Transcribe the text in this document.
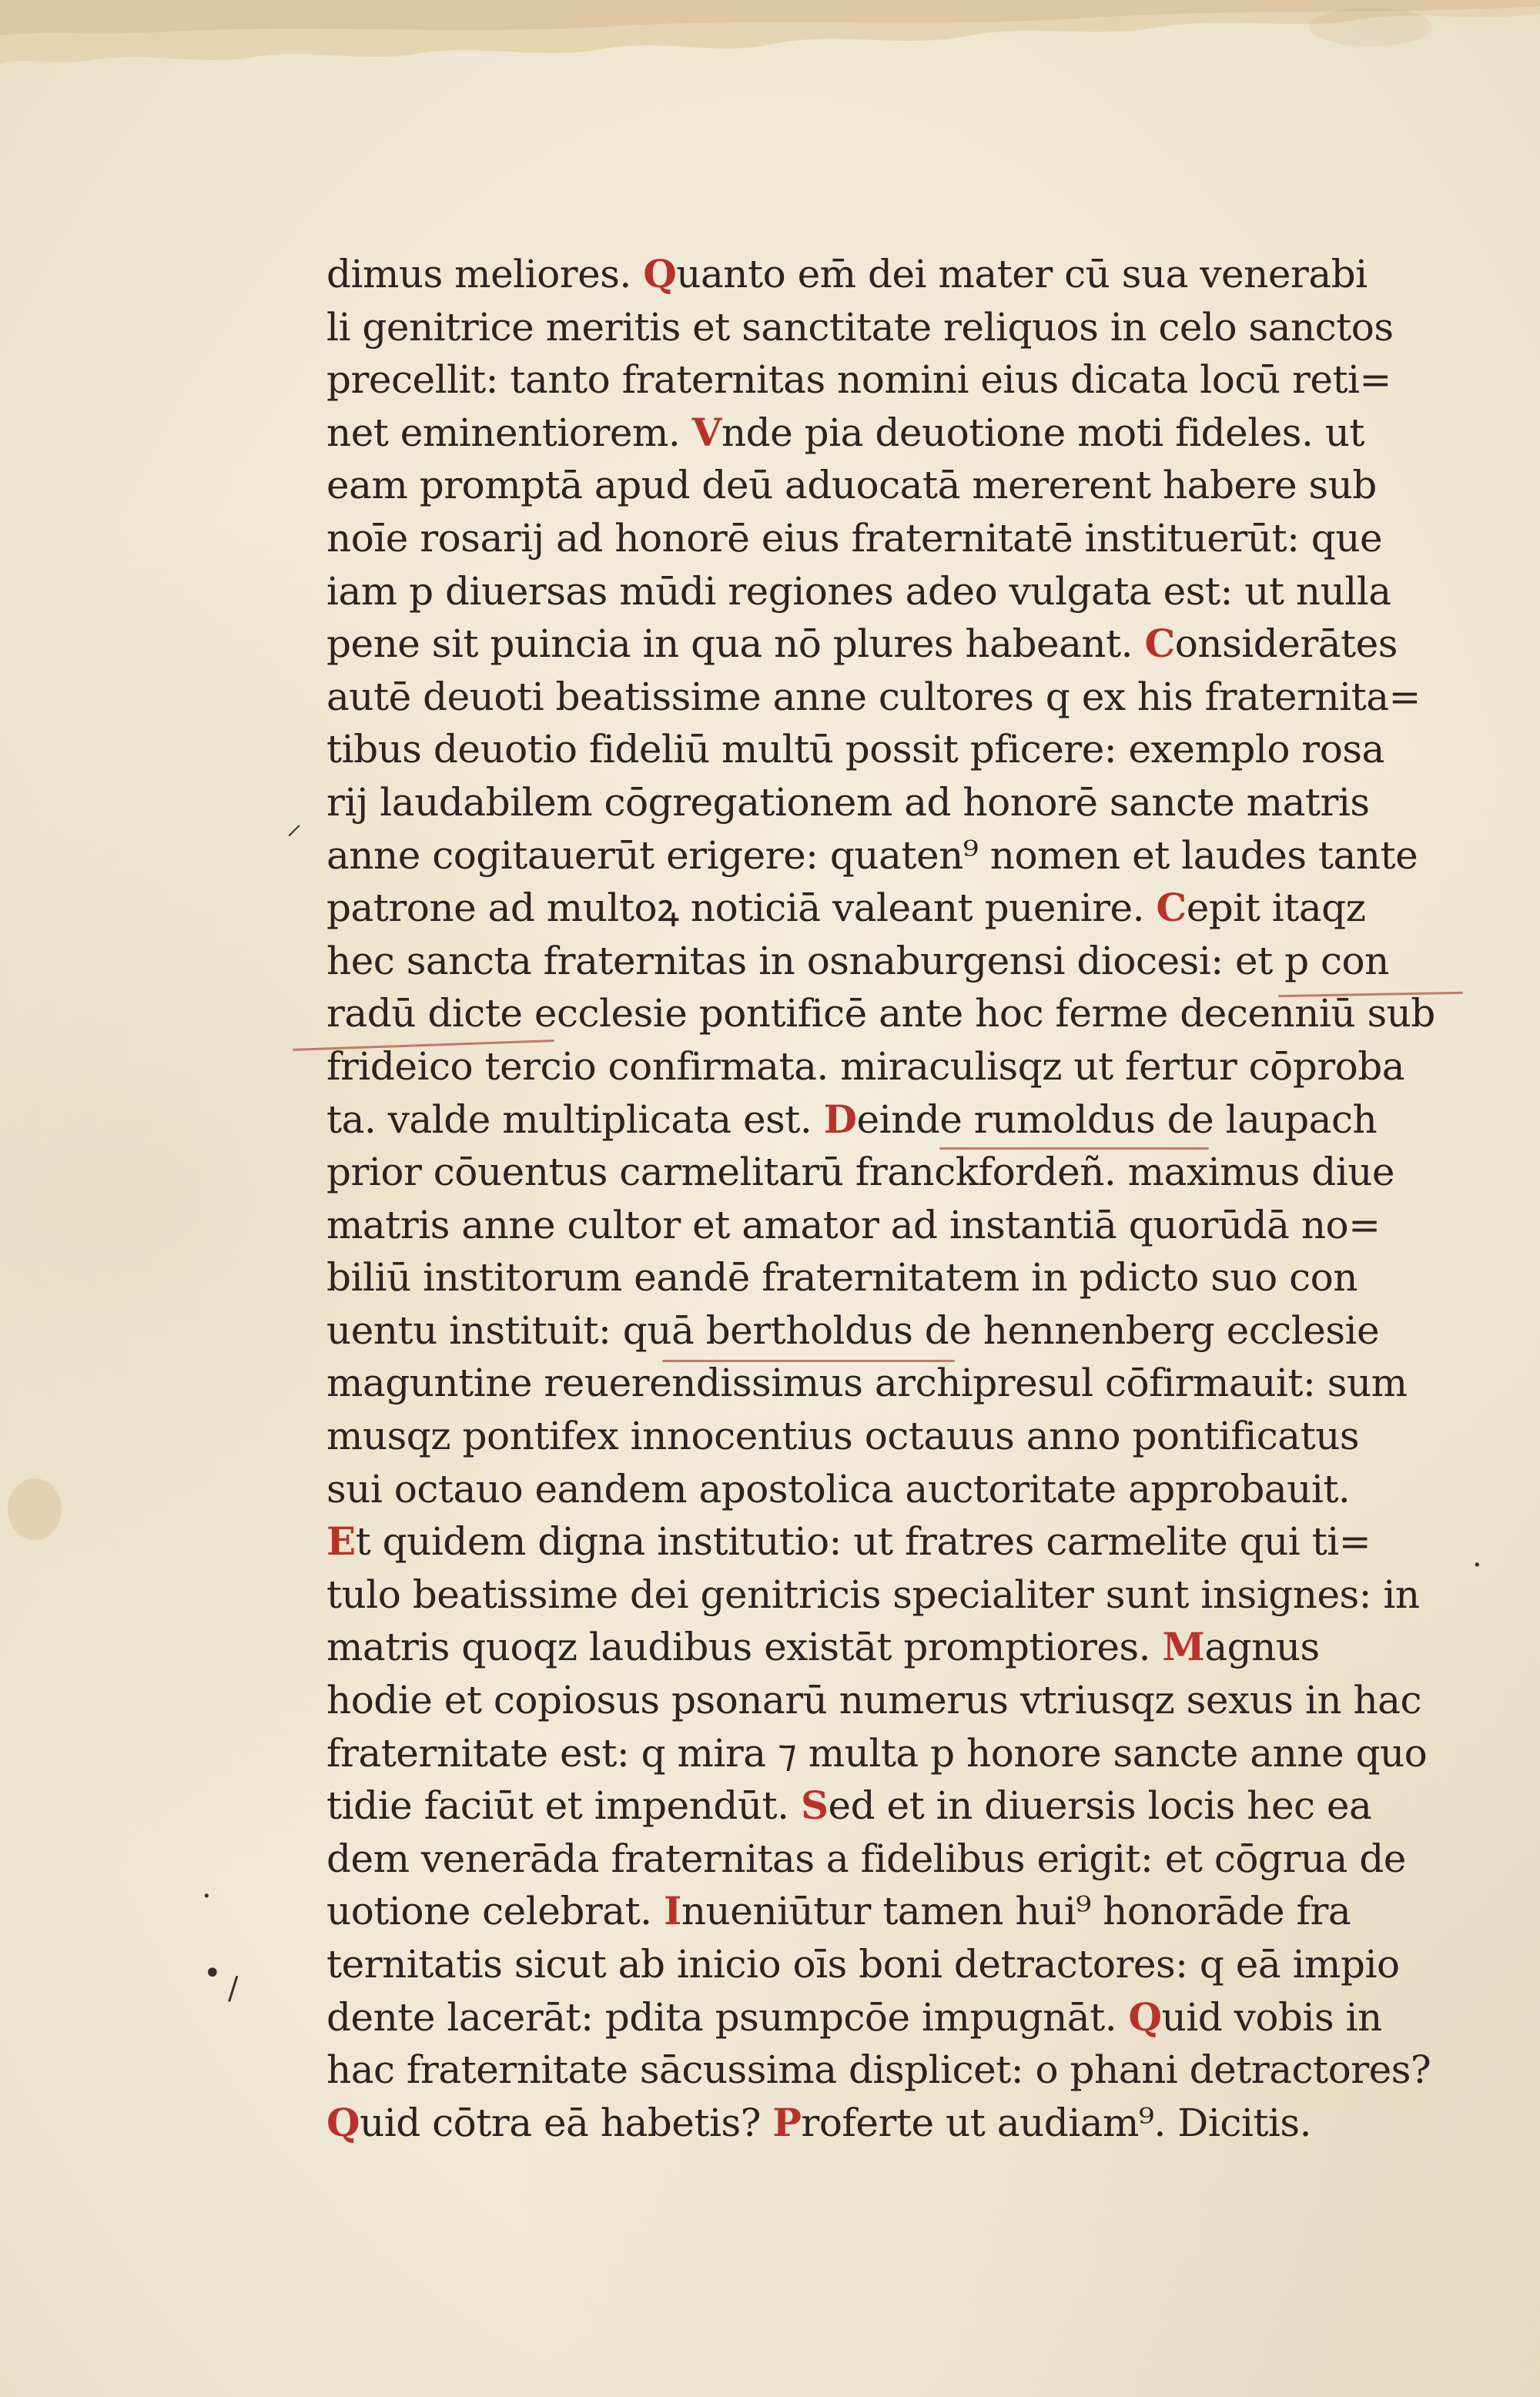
⸝
·
·
• /
dimus meliores. Quanto em̄ dei mater cū sua venerabi
li genitrice meritis et sanctitate reliquos in celo sanctos
precellit: tanto fraternitas nomini eius dicata locū reti=
net eminentiorem. Vnde pia deuotione moti fideles. ut
eam promptā apud deū aduocatā mererent habere sub
noīe rosarij ad honorē eius fraternitatē instituerūt: que
iam p diuersas mūdi regiones adeo vulgata est: ut nulla
pene sit puincia in qua nō plures habeant. Considerātes
autē deuoti beatissime anne cultores q ex his fraternita=
tibus deuotio fideliū multū possit pficere: exemplo rosa
rij laudabilem cōgregationem ad honorē sancte matris
anne cogitauerūt erigere: quaten⁹ nomen et laudes tante
patrone ad multoꝝ noticiā valeant puenire. Cepit itaqz
hec sancta fraternitas in osnaburgensi diocesi: et p con
radū dicte ecclesie pontificē ante hoc ferme decenniū sub
frideico tercio confirmata. miraculisqz ut fertur cōproba
ta. valde multiplicata est. Deinde rumoldus de laupach
prior cōuentus carmelitarū franckfordeñ. maximus diue
matris anne cultor et amator ad instantiā quorūdā no=
biliū institorum eandē fraternitatem in pdicto suo con
uentu instituit: quā bertholdus de hennenberg ecclesie
maguntine reuerendissimus archipresul cōfirmauit: sum
musqz pontifex innocentius octauus anno pontificatus
sui octauo eandem apostolica auctoritate approbauit.
Et quidem digna institutio: ut fratres carmelite qui ti=
tulo beatissime dei genitricis specialiter sunt insignes: in
matris quoqz laudibus existāt promptiores. Magnus
hodie et copiosus psonarū numerus vtriusqz sexus in hac
fraternitate est: q mira ⁊ multa p honore sancte anne quo
tidie faciūt et impendūt. Sed et in diuersis locis hec ea
dem venerāda fraternitas a fidelibus erigit: et cōgrua de
uotione celebrat. Inueniūtur tamen hui⁹ honorāde fra
ternitatis sicut ab inicio oīs boni detractores: q eā impio
dente lacerāt: pdita psumpcōe impugnāt. Quid vobis in
hac fraternitate sācussima displicet: o phani detractores?
Quid cōtra eā habetis? Proferte ut audiam⁹. Dicitis.
